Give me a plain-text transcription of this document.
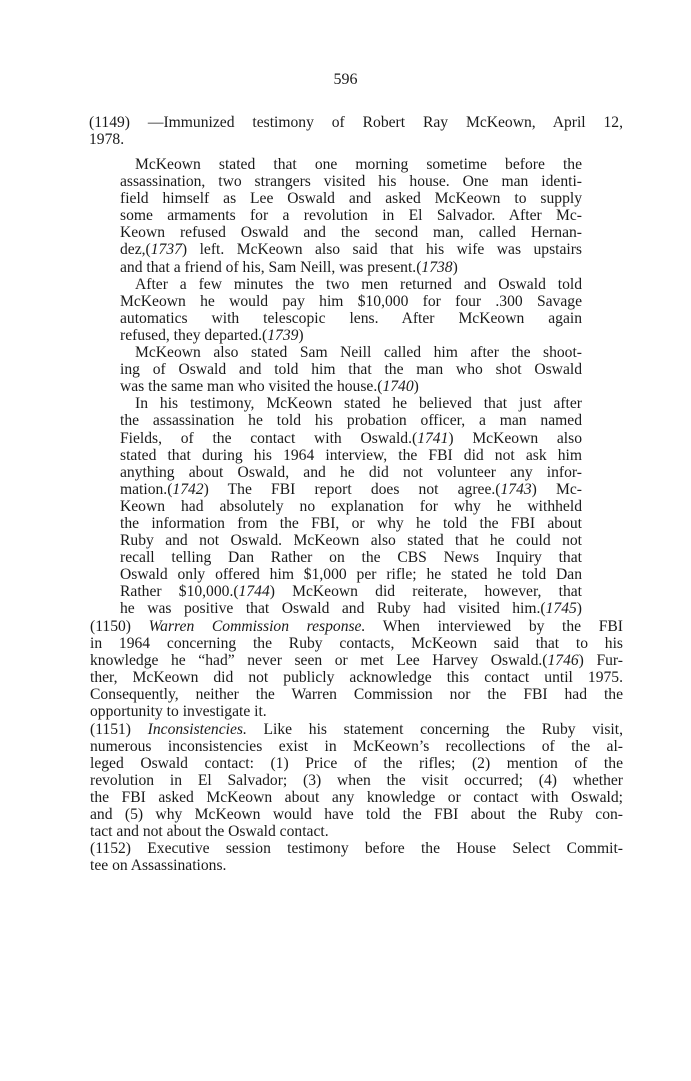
596
(1149) —Immunized testimony of Robert Ray McKeown, April 12,
1978.
McKeown stated that one morning sometime before the
assassination, two strangers visited his house. One man identi-
field himself as Lee Oswald and asked McKeown to supply
some armaments for a revolution in El Salvador. After Mc-
Keown refused Oswald and the second man, called Hernan-
dez,(1737) left. McKeown also said that his wife was upstairs
and that a friend of his, Sam Neill, was present.(1738)
After a few minutes the two men returned and Oswald told
McKeown he would pay him $10,000 for four .300 Savage
automatics with telescopic lens. After McKeown again
refused, they departed.(1739)
McKeown also stated Sam Neill called him after the shoot-
ing of Oswald and told him that the man who shot Oswald
was the same man who visited the house.(1740)
In his testimony, McKeown stated he believed that just after
the assassination he told his probation officer, a man named
Fields, of the contact with Oswald.(1741) McKeown also
stated that during his 1964 interview, the FBI did not ask him
anything about Oswald, and he did not volunteer any infor-
mation.(1742) The FBI report does not agree.(1743) Mc-
Keown had absolutely no explanation for why he withheld
the information from the FBI, or why he told the FBI about
Ruby and not Oswald. McKeown also stated that he could not
recall telling Dan Rather on the CBS News Inquiry that
Oswald only offered him $1,000 per rifle; he stated he told Dan
Rather $10,000.(1744) McKeown did reiterate, however, that
he was positive that Oswald and Ruby had visited him.(1745)
(1150) Warren Commission response. When interviewed by the FBI
in 1964 concerning the Ruby contacts, McKeown said that to his
knowledge he “had” never seen or met Lee Harvey Oswald.(1746) Fur-
ther, McKeown did not publicly acknowledge this contact until 1975.
Consequently, neither the Warren Commission nor the FBI had the
opportunity to investigate it.
(1151) Inconsistencies. Like his statement concerning the Ruby visit,
numerous inconsistencies exist in McKeown’s recollections of the al-
leged Oswald contact: (1) Price of the rifles; (2) mention of the
revolution in El Salvador; (3) when the visit occurred; (4) whether
the FBI asked McKeown about any knowledge or contact with Oswald;
and (5) why McKeown would have told the FBI about the Ruby con-
tact and not about the Oswald contact.
(1152) Executive session testimony before the House Select Commit-
tee on Assassinations.
